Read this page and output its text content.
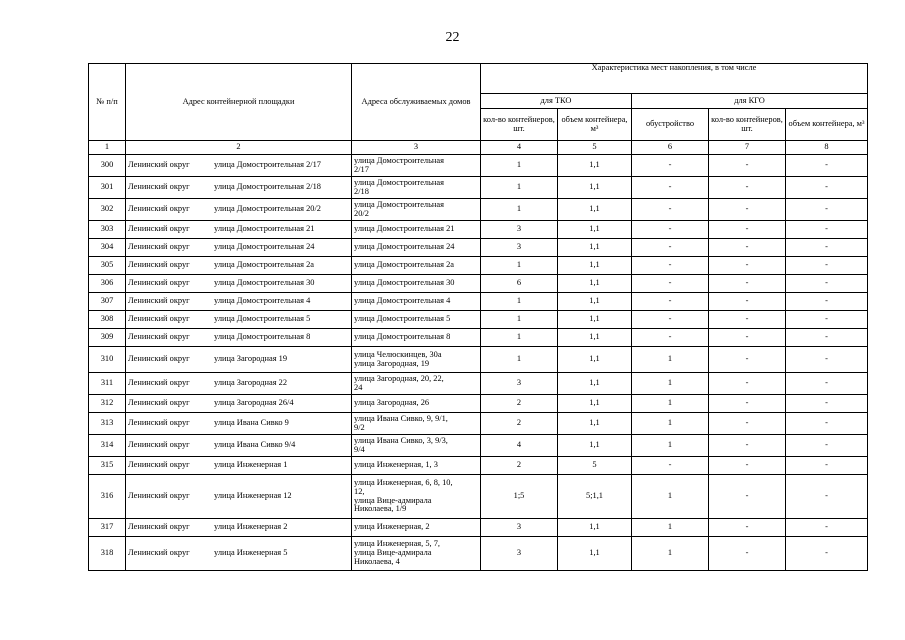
22
№ п/п	Адрес контейнерной площадки	Адреса обслуживаемых домов	Характеристика мест накопления, в том числе				
			для ТКО		для КГО		
			кол-во контейнеров, шт.	объем контейнера, м³	обустройство	кол-во контейнеров, шт.	объем контейнера, м³
1	2	3	4	5	6	7	8
300	Ленинский округ улица Домостроительная 2/17	улица Домостроительная
2/17	1	1,1	-	-	-
301	Ленинский округ улица Домостроительная 2/18	улица Домостроительная
2/18	1	1,1	-	-	-
302	Ленинский округ улица Домостроительная 20/2	улица Домостроительная
20/2	1	1,1	-	-	-
303	Ленинский округ улица Домостроительная 21	улица Домостроительная 21	3	1,1	-	-	-
304	Ленинский округ улица Домостроительная 24	улица Домостроительная 24	3	1,1	-	-	-
305	Ленинский округ улица Домостроительная 2а	улица Домостроительная 2а	1	1,1	-	-	-
306	Ленинский округ улица Домостроительная 30	улица Домостроительная 30	6	1,1	-	-	-
307	Ленинский округ улица Домостроительная 4	улица Домостроительная 4	1	1,1	-	-	-
308	Ленинский округ улица Домостроительная 5	улица Домостроительная 5	1	1,1	-	-	-
309	Ленинский округ улица Домостроительная 8	улица Домостроительная 8	1	1,1	-	-	-
310	Ленинский округ улица Загородная 19	улица Челюскинцев, 30а
улица Загородная, 19	1	1,1	1	-	-
311	Ленинский округ улица Загородная 22	улица Загородная, 20, 22,
24	3	1,1	1	-	-
312	Ленинский округ улица Загородная 26/4	улица Загородная, 26	2	1,1	1	-	-
313	Ленинский округ улица Ивана Сивко 9	улица Ивана Сивко, 9, 9/1,
9/2	2	1,1	1	-	-
314	Ленинский округ улица Ивана Сивко 9/4	улица Ивана Сивко, 3, 9/3,
9/4	4	1,1	1	-	-
315	Ленинский округ улица Инженерная 1	улица Инженерная, 1, 3	2	5	-	-	-
316	Ленинский округ улица Инженерная 12	улица Инженерная, 6, 8, 10,
12,
улица Вице-адмирала
Николаева, 1/9	1;5	5;1,1	1	-	-
317	Ленинский округ улица Инженерная 2	улица Инженерная, 2	3	1,1	1	-	-
318	Ленинский округ улица Инженерная 5	улица Инженерная, 5, 7,
улица Вице-адмирала
Николаева, 4	3	1,1	1	-	-
